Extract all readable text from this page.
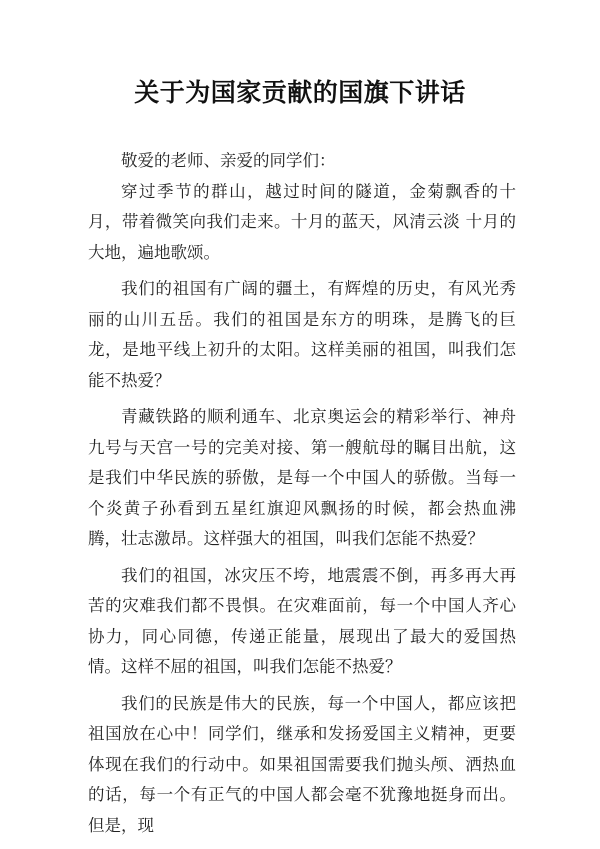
关于为国家贡献的国旗下讲话

敬爱的老师、亲爱的同学们：

穿过季节的群山，越过时间的隧道，金菊飘香的十月，带着微笑向我们走来。十月的蓝天，风清云淡 十月的大地，遍地歌颂。

我们的祖国有广阔的疆土，有辉煌的历史，有风光秀丽的山川五岳。我们的祖国是东方的明珠，是腾飞的巨龙，是地平线上初升的太阳。这样美丽的祖国，叫我们怎能不热爱？

青藏铁路的顺利通车、北京奥运会的精彩举行、神舟九号与天宫一号的完美对接、第一艘航母的瞩目出航，这是我们中华民族的骄傲，是每一个中国人的骄傲。当每一个炎黄子孙看到五星红旗迎风飘扬的时候，都会热血沸腾，壮志激昂。这样强大的祖国，叫我们怎能不热爱？

我们的祖国，冰灾压不垮，地震震不倒，再多再大再苦的灾难我们都不畏惧。在灾难面前，每一个中国人齐心协力，同心同德，传递正能量，展现出了最大的爱国热情。这样不屈的祖国，叫我们怎能不热爱？

我们的民族是伟大的民族，每一个中国人，都应该把祖国放在心中！同学们，继承和发扬爱国主义精神，更要体现在我们的行动中。如果祖国需要我们抛头颅、洒热血的话，每一个有正气的中国人都会毫不犹豫地挺身而出。但是，现
